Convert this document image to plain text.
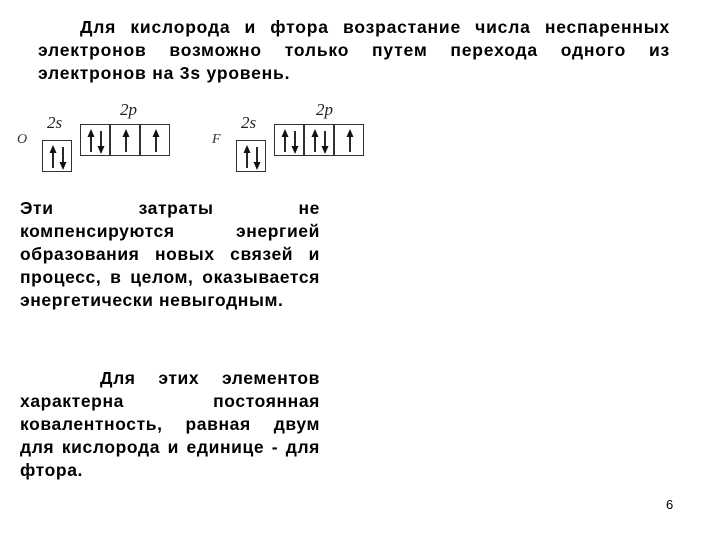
Для кислорода и фтора возрастание числа неспаренных электронов возможно только путем перехода одного из электронов на 3s уровень.

O
2s
2p
F
2s
2p

Эти затраты не компенсируются энергией образования новых связей и процесс, в целом, оказывается энергетически невыгодным.

Для этих элементов характерна постоянная ковалентность, равная двум для кислорода и единице - для фтора.

6
